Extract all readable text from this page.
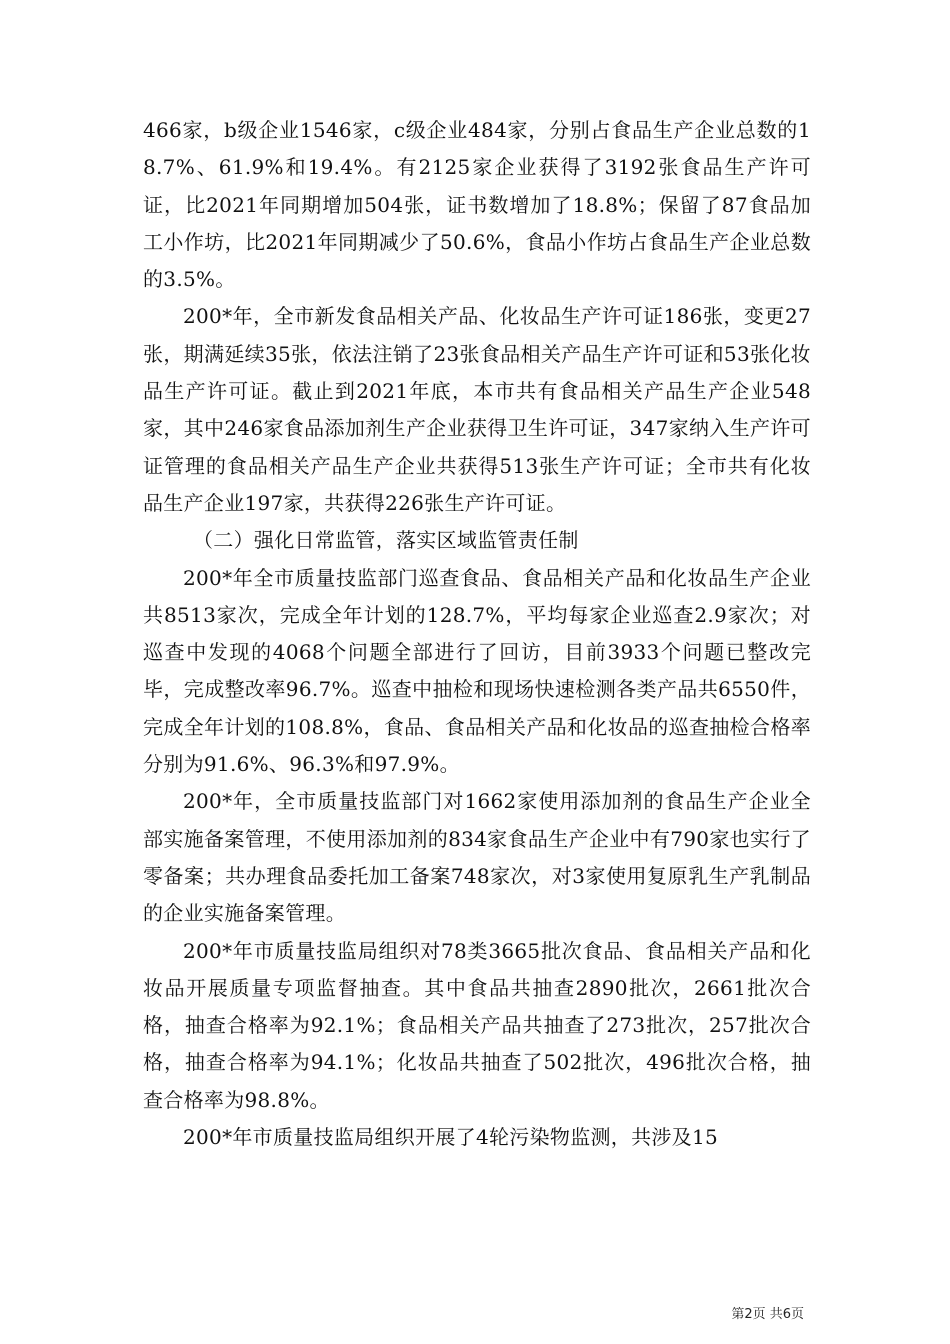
466家，b级企业1546家，c级企业484家，分别占食品生产企业总数的18.7%、61.9%和19.4%。有2125家企业获得了3192张食品生产许可证，比2021年同期增加504张，证书数增加了18.8%；保留了87食品加工小作坊，比2021年同期减少了50.6%，食品小作坊占食品生产企业总数的3.5%。

200*年，全市新发食品相关产品、化妆品生产许可证186张，变更27张，期满延续35张，依法注销了23张食品相关产品生产许可证和53张化妆品生产许可证。截止到2021年底，本市共有食品相关产品生产企业548家，其中246家食品添加剂生产企业获得卫生许可证，347家纳入生产许可证管理的食品相关产品生产企业共获得513张生产许可证；全市共有化妆品生产企业197家，共获得226张生产许可证。

（二）强化日常监管，落实区域监管责任制

200*年全市质量技监部门巡查食品、食品相关产品和化妆品生产企业共8513家次，完成全年计划的128.7%，平均每家企业巡查2.9家次；对巡查中发现的4068个问题全部进行了回访，目前3933个问题已整改完毕，完成整改率96.7%。巡查中抽检和现场快速检测各类产品共6550件，完成全年计划的108.8%，食品、食品相关产品和化妆品的巡查抽检合格率分别为91.6%、96.3%和97.9%。

200*年，全市质量技监部门对1662家使用添加剂的食品生产企业全部实施备案管理，不使用添加剂的834家食品生产企业中有790家也实行了零备案；共办理食品委托加工备案748家次，对3家使用复原乳生产乳制品的企业实施备案管理。

200*年市质量技监局组织对78类3665批次食品、食品相关产品和化妆品开展质量专项监督抽查。其中食品共抽查2890批次，2661批次合格，抽查合格率为92.1%；食品相关产品共抽查了273批次，257批次合格，抽查合格率为94.1%；化妆品共抽查了502批次，496批次合格，抽查合格率为98.8%。

200*年市质量技监局组织开展了4轮污染物监测，共涉及15

第2页 共6页
